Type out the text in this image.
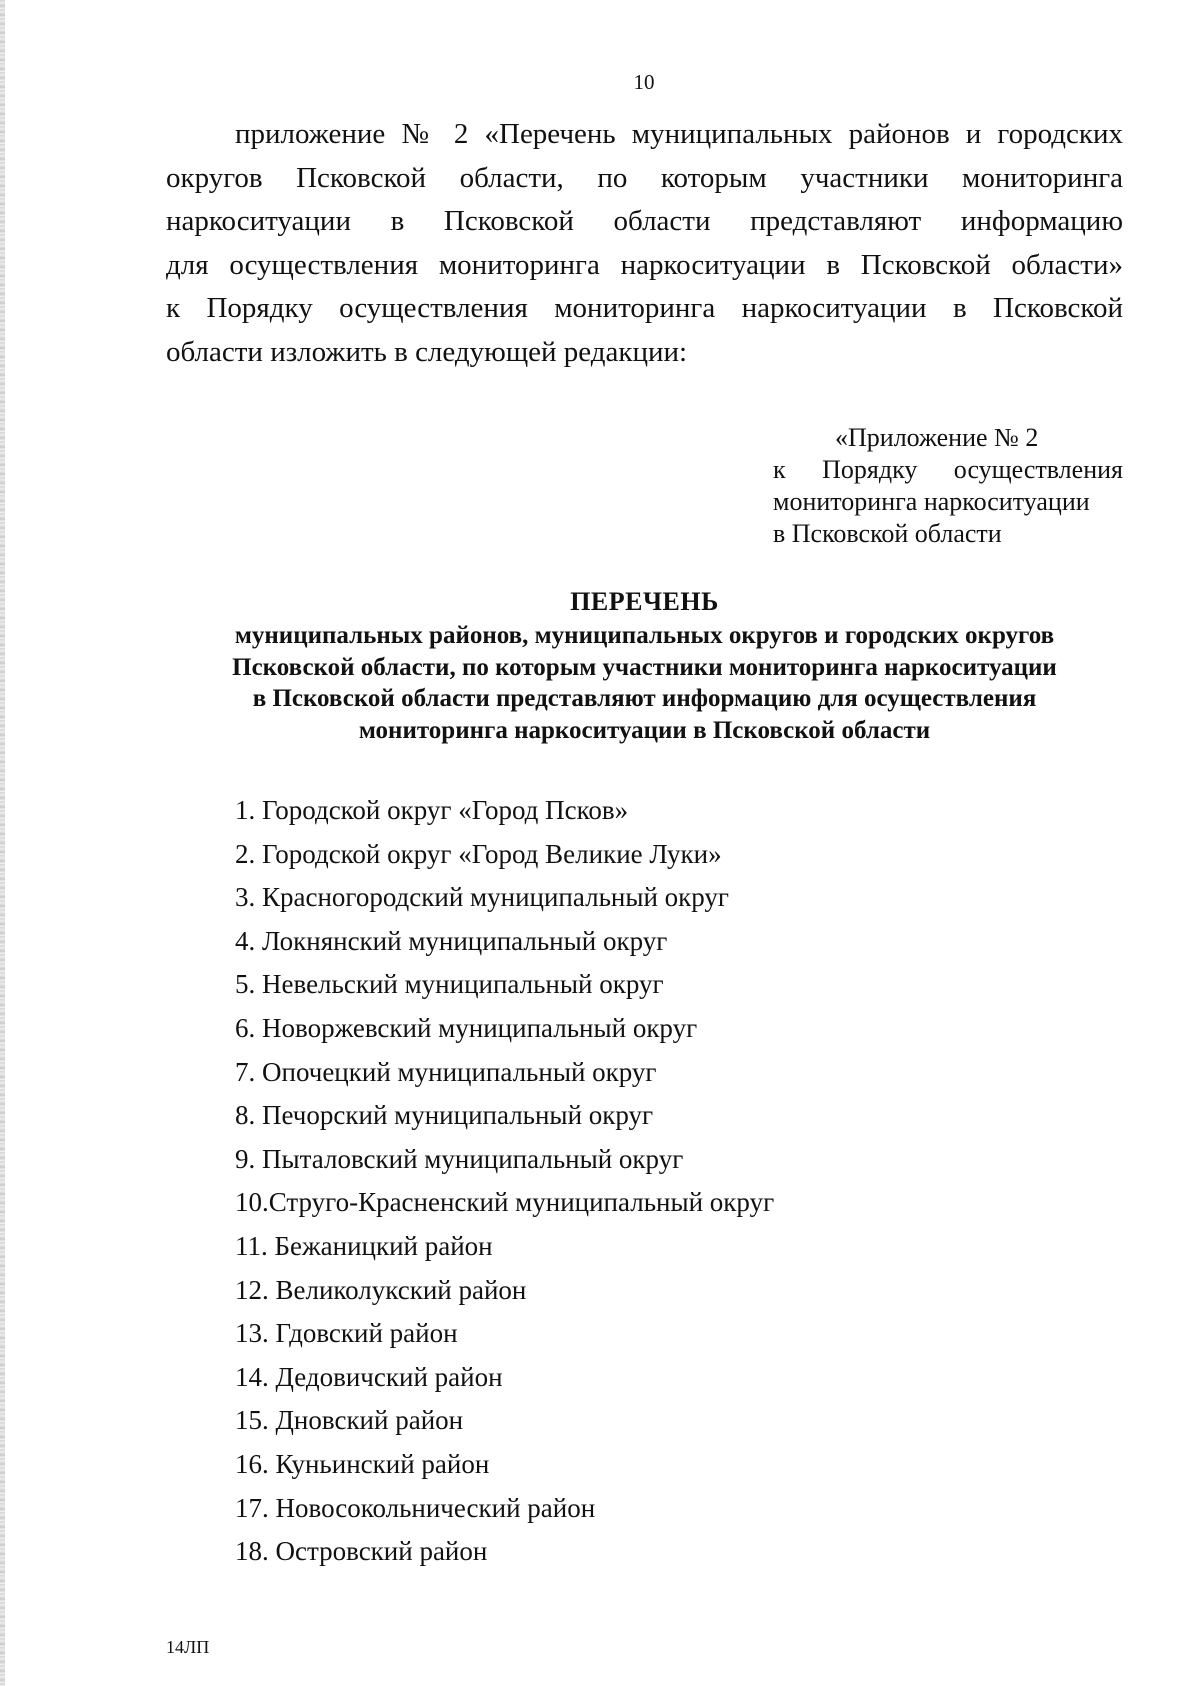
10

приложение № 2 «Перечень муниципальных районов и городских
округов Псковской области, по которым участники мониторинга
наркоситуации в Псковской области представляют информацию
для осуществления мониторинга наркоситуации в Псковской области»
к Порядку осуществления мониторинга наркоситуации в Псковской
области изложить в следующей редакции:

«Приложение № 2
к Порядку осуществления
мониторинга наркоситуации
в Псковской области
ПЕРЕЧЕНЬ
муниципальных районов, муниципальных округов и городских округов
Псковской области, по которым участники мониторинга наркоситуации
в Псковской области представляют информацию для осуществления
мониторинга наркоситуации в Псковской области
1. Городской округ «Город Псков»
2. Городской округ «Город Великие Луки»
3. Красногородский муниципальный округ
4. Локнянский муниципальный округ
5. Невельский муниципальный округ
6. Новоржевский муниципальный округ
7. Опочецкий муниципальный округ
8. Печорский муниципальный округ
9. Пыталовский муниципальный округ
10.Струго-Красненский муниципальный округ
11. Бежаницкий район
12. Великолукский район
13. Гдовский район
14. Дедовичский район
15. Дновский район
16. Куньинский район
17. Новосокольнический район
18. Островский район
14ЛП
